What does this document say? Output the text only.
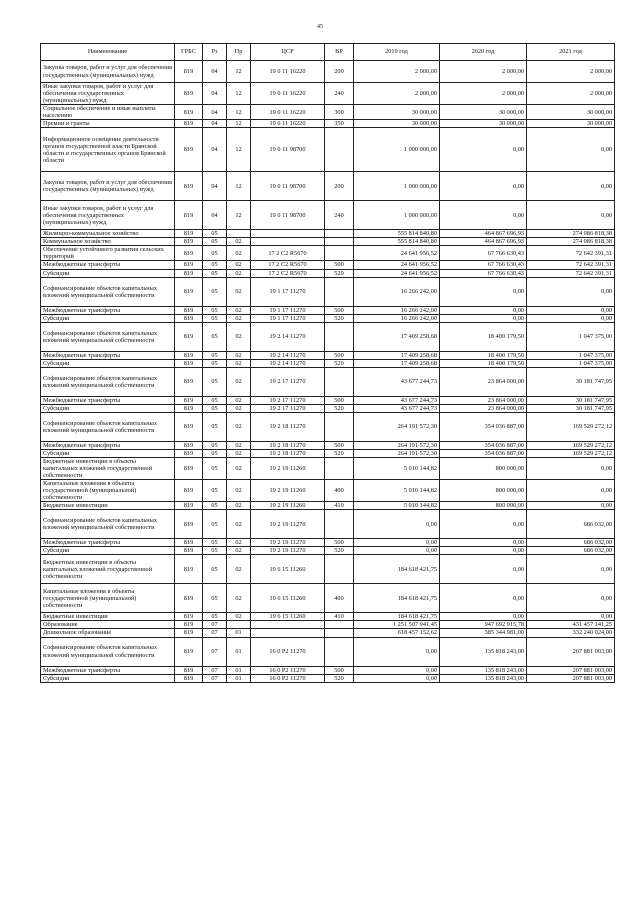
45
Наименование	ГРБС	Рз	Пр	ЦСР	ВР	2019 год	2020 год	2021 год
Закупка товаров, работ и услуг для обеспечения государственных (муниципальных) нужд	819	04	12	19 0 11 16220	200	2 000,00	2 000,00	2 000,00
Иные закупки товаров, работ и услуг для обеспечения государственных (муниципальных) нужд	819	04	12	19 0 11 16220	240	2 000,00	2 000,00	2 000,00
Социальное обеспечение и иные выплаты населению	819	04	12	19 0 11 16220	300	30 000,00	30 000,00	30 000,00
Премии и гранты	819	04	12	19 0 11 16220	350	30 000,00	30 000,00	30 000,00
Информационное освещение деятельности органов государственной власти Брянской области и государственных органов Брянской области	819	04	12	19 0 11 98700		1 000 000,00	0,00	0,00
Закупка товаров, работ и услуг для обеспечения государственных (муниципальных) нужд	819	04	12	19 0 11 98700	200	1 000 000,00	0,00	0,00
Иные закупки товаров, работ и услуг для обеспечения государственных (муниципальных) нужд	819	04	12	19 0 11 98700	240	1 000 000,00	0,00	0,00
Жилищно-коммунальное хозяйство	819	05				555 814 840,80	464 867 696,93	274 086 818,38
Коммунальное хозяйство	819	05	02			555 814 840,80	464 867 696,93	274 086 818,38
Обеспечение устойчивого развития сельских территорий	819	05	02	17 2 С2 R5670		24 641 956,52	67 766 630,43	72 642 391,31
Межбюджетные трансферты	819	05	02	17 2 С2 R5670	500	24 641 956,52	67 766 630,43	72 642 391,31
Субсидии	819	05	02	17 2 С2 R5670	520	24 641 956,52	67 766 630,43	72 642 391,31
Софинансирование объектов капитальных вложений муниципальной собственности	819	05	02	19 1 17 11270		16 266 242,00	0,00	0,00
Межбюджетные трансферты	819	05	02	19 1 17 11270	500	16 266 242,00	0,00	0,00
Субсидии	819	05	02	19 1 17 11270	520	16 266 242,00	0,00	0,00
Софинансирование объектов капитальных вложений муниципальной собственности	819	05	02	19 2 14 11270		17 409 258,68	18 400 179,50	1 047 375,00
Межбюджетные трансферты	819	05	02	19 2 14 11270	500	17 409 258,68	18 400 179,50	1 047 375,00
Субсидии	819	05	02	19 2 14 11270	520	17 409 258,68	18 400 179,50	1 047 375,00
Софинансирование объектов капитальных вложений муниципальной собственности	819	05	02	19 2 17 11270		43 677 244,73	23 864 000,00	30 181 747,95
Межбюджетные трансферты	819	05	02	19 2 17 11270	500	43 677 244,73	23 864 000,00	30 181 747,95
Субсидии	819	05	02	19 2 17 11270	520	43 677 244,73	23 864 000,00	30 181 747,95
Софинансирование объектов капитальных вложений муниципальной собственности	819	05	02	19 2 18 11270		264 191 572,30	354 036 887,00	169 529 272,12
Межбюджетные трансферты	819	05	02	19 2 18 11270	500	264 191 572,30	354 036 887,00	169 529 272,12
Субсидии	819	05	02	19 2 18 11270	520	264 191 572,30	354 036 887,00	169 529 272,12
Бюджетные инвестиции в объекты капитальных вложений государственной собственности	819	05	02	19 2 19 11260		5 010 144,82	800 000,00	0,00
Капитальные вложения в объекты государственной (муниципальной) собственности	819	05	02	19 2 19 11260	400	5 010 144,82	800 000,00	0,00
Бюджетные инвестиции	819	05	02	19 2 19 11260	410	5 010 144,82	800 000,00	0,00
Софинансирование объектов капитальных вложений муниципальной собственности	819	05	02	19 2 19 11270		0,00	0,00	686 032,00
Межбюджетные трансферты	819	05	02	19 2 19 11270	500	0,00	0,00	686 032,00
Субсидии	819	05	02	19 2 19 11270	520	0,00	0,00	686 032,00
Бюджетные инвестиции в объекты капитальных вложений государственной собственности	819	05	02	19 6 15 11260		184 618 421,75	0,00	0,00
Капитальные вложения в объекты государственной (муниципальной) собственности	819	05	02	19 6 15 11260	400	184 618 421,75	0,00	0,00
Бюджетные инвестиции	819	05	02	19 6 15 11260	410	184 618 421,75	0,00	0,00
Образование	819	07				1 251 507 941,45	947 692 915,78	431 457 141,25
Дошкольное образование	819	07	01			618 457 152,62	385 344 981,00	332 240 024,00
Софинансирование объектов капитальных вложений муниципальной собственности	819	07	01	16 0 P2 11270		0,00	135 818 243,00	207 881 003,00
Межбюджетные трансферты	819	07	01	16 0 P2 11270	500	0,00	135 818 243,00	207 881 003,00
Субсидии	819	07	01	16 0 P2 11270	520	0,00	135 818 243,00	207 881 003,00
